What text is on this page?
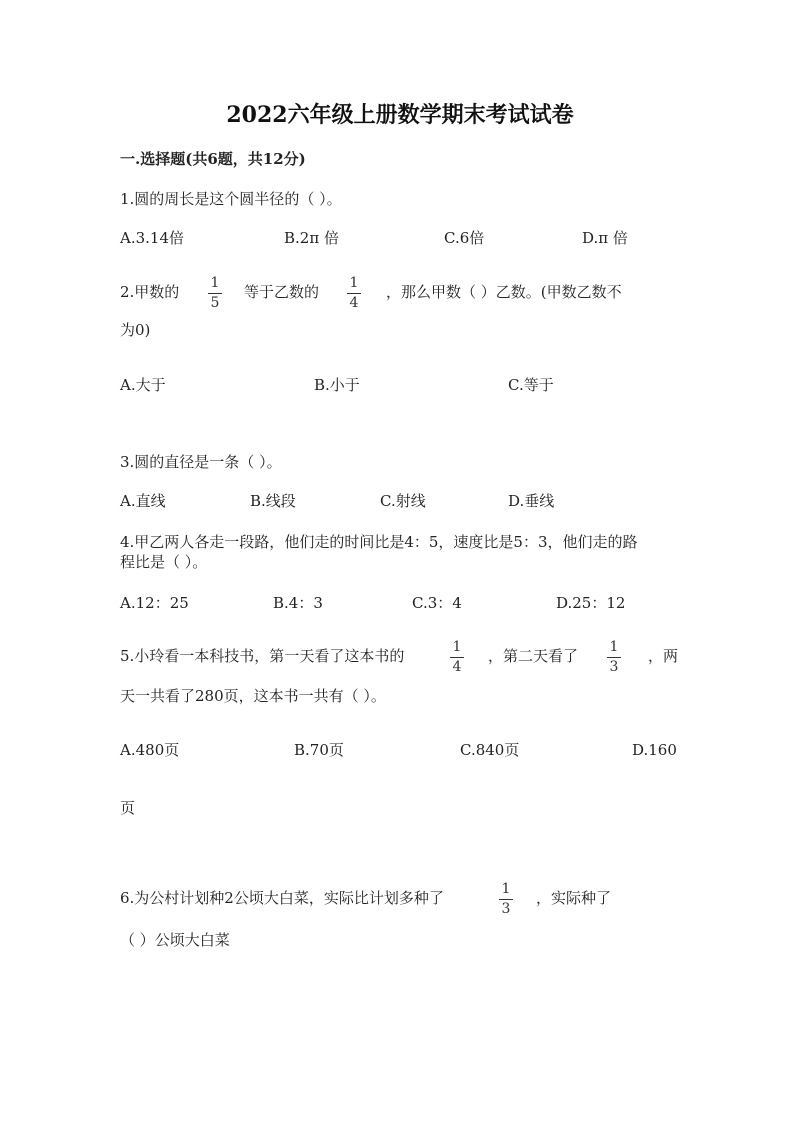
2022六年级上册数学期末考试试卷
一.选择题(共6题，共12分)
1.圆的周长是这个圆半径的（ ）。
A.3.14倍	B.2π 倍	C.6倍	D.π 倍
2.甲数的 1
5
等于乙数的 1
4
，那么甲数（ ）乙数。(甲数乙数不
为0)
A.大于	B.小于	C.等于
3.圆的直径是一条（ ）。
A.直线	B.线段	C.射线	D.垂线
4.甲乙两人各走一段路，他们走的时间比是4：5，速度比是5：3，他们走的路
程比是（ ）。
A.12：25	B.4：3	C.3：4	D.25：12
5.小玲看一本科技书，第一天看了这本书的	1
4
，第二天看了 1
3
，两
天一共看了280页，这本书一共有（ ）。
A.480页	B.70页	C.840页	D.160
页
6.为公村计划种2公顷大白菜，实际比计划多种了	1
3
，实际种了
（ ）公顷大白菜
